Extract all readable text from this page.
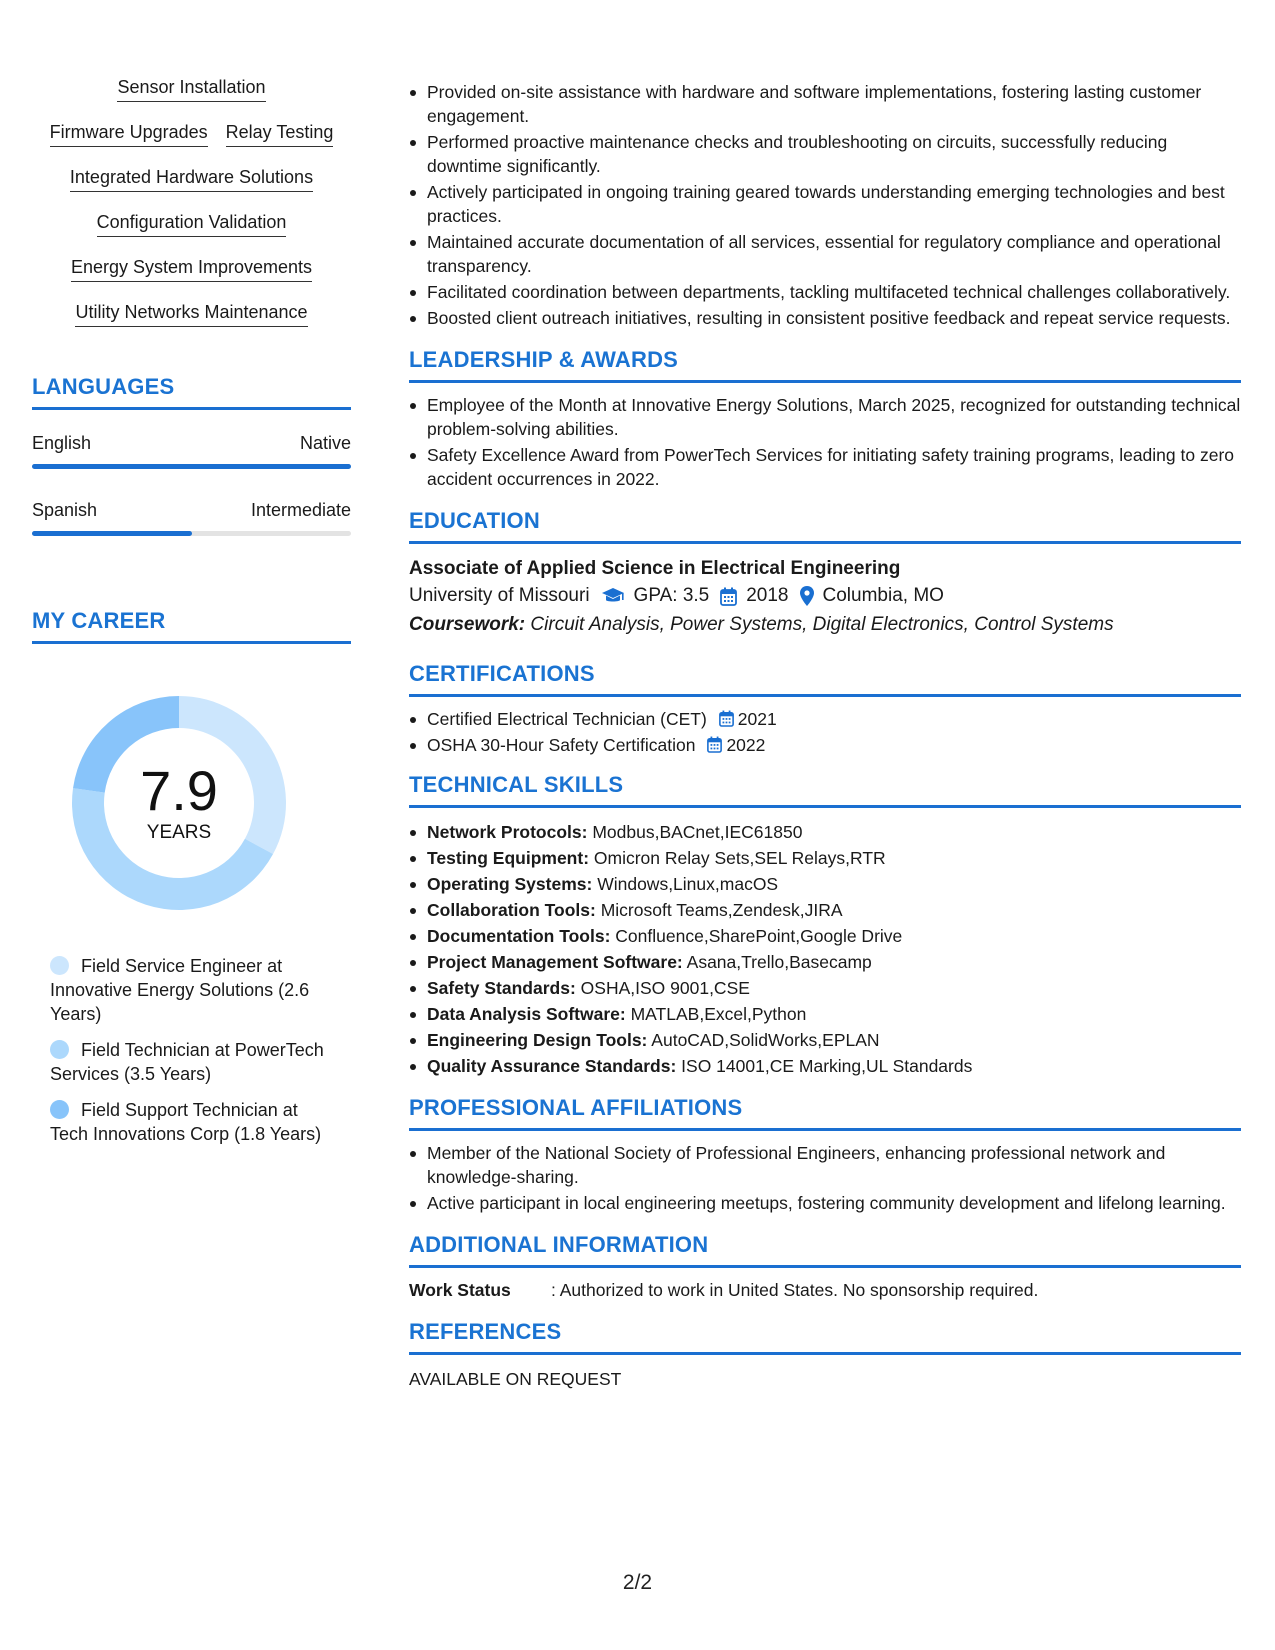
Sensor Installation
Firmware Upgrades Relay Testing
Integrated Hardware Solutions
Configuration Validation
Energy System Improvements
Utility Networks Maintenance
LANGUAGES
English	Native
Spanish	Intermediate
MY CAREER
7.9
YEARS
Field Service Engineer at Innovative Energy Solutions (2.6 Years)
Field Technician at PowerTech Services (3.5 Years)
Field Support Technician at Tech Innovations Corp (1.8 Years)
Provided on-site assistance with hardware and software implementations, fostering lasting customer engagement.
Performed proactive maintenance checks and troubleshooting on circuits, successfully reducing downtime significantly.
Actively participated in ongoing training geared towards understanding emerging technologies and best practices.
Maintained accurate documentation of all services, essential for regulatory compliance and operational transparency.
Facilitated coordination between departments, tackling multifaceted technical challenges collaboratively.
Boosted client outreach initiatives, resulting in consistent positive feedback and repeat service requests.
LEADERSHIP & AWARDS
Employee of the Month at Innovative Energy Solutions, March 2025, recognized for outstanding technical problem-solving abilities.
Safety Excellence Award from PowerTech Services for initiating safety training programs, leading to zero accident occurrences in 2022.
EDUCATION
Associate of Applied Science in Electrical Engineering
University of Missouri GPA: 3.5 2018 Columbia, MO
Coursework: Circuit Analysis, Power Systems, Digital Electronics, Control Systems
CERTIFICATIONS
Certified Electrical Technician (CET) 2021
OSHA 30-Hour Safety Certification 2022
TECHNICAL SKILLS
Network Protocols: Modbus,BACnet,IEC61850
Testing Equipment: Omicron Relay Sets,SEL Relays,RTR
Operating Systems: Windows,Linux,macOS
Collaboration Tools: Microsoft Teams,Zendesk,JIRA
Documentation Tools: Confluence,SharePoint,Google Drive
Project Management Software: Asana,Trello,Basecamp
Safety Standards: OSHA,ISO 9001,CSE
Data Analysis Software: MATLAB,Excel,Python
Engineering Design Tools: AutoCAD,SolidWorks,EPLAN
Quality Assurance Standards: ISO 14001,CE Marking,UL Standards
PROFESSIONAL AFFILIATIONS
Member of the National Society of Professional Engineers, enhancing professional network and knowledge-sharing.
Active participant in local engineering meetups, fostering community development and lifelong learning.
ADDITIONAL INFORMATION
Work Status	: Authorized to work in United States. No sponsorship required.
REFERENCES
AVAILABLE ON REQUEST
2/2
